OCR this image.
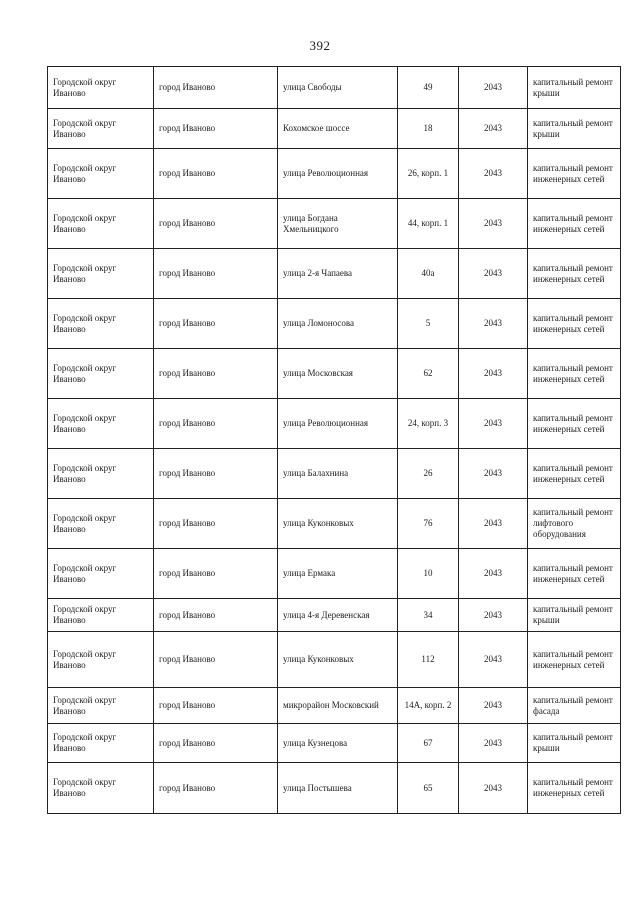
392
Городской округ Иваново	город Иваново	улица Свободы	49	2043	капитальный ремонт крыши
Городской округ Иваново	город Иваново	Кохомское шоссе	18	2043	капитальный ремонт крыши
Городской округ Иваново	город Иваново	улица Революционная	26, корп. 1	2043	капитальный ремонт инженерных сетей
Городской округ Иваново	город Иваново	улица Богдана Хмельницкого	44, корп. 1	2043	капитальный ремонт инженерных сетей
Городской округ Иваново	город Иваново	улица 2-я Чапаева	40а	2043	капитальный ремонт инженерных сетей
Городской округ Иваново	город Иваново	улица Ломоносова	5	2043	капитальный ремонт инженерных сетей
Городской округ Иваново	город Иваново	улица Московская	62	2043	капитальный ремонт инженерных сетей
Городской округ Иваново	город Иваново	улица Революционная	24, корп. 3	2043	капитальный ремонт инженерных сетей
Городской округ Иваново	город Иваново	улица Балахнина	26	2043	капитальный ремонт инженерных сетей
Городской округ Иваново	город Иваново	улица Куконковых	76	2043	капитальный ремонт лифтового оборудования
Городской округ Иваново	город Иваново	улица Ермака	10	2043	капитальный ремонт инженерных сетей
Городской округ Иваново	город Иваново	улица 4-я Деревенская	34	2043	капитальный ремонт крыши
Городской округ Иваново	город Иваново	улица Куконковых	112	2043	капитальный ремонт инженерных сетей
Городской округ Иваново	город Иваново	микрорайон Московский	14А, корп. 2	2043	капитальный ремонт фасада
Городской округ Иваново	город Иваново	улица Кузнецова	67	2043	капитальный ремонт крыши
Городской округ Иваново	город Иваново	улица Постышева	65	2043	капитальный ремонт инженерных сетей
